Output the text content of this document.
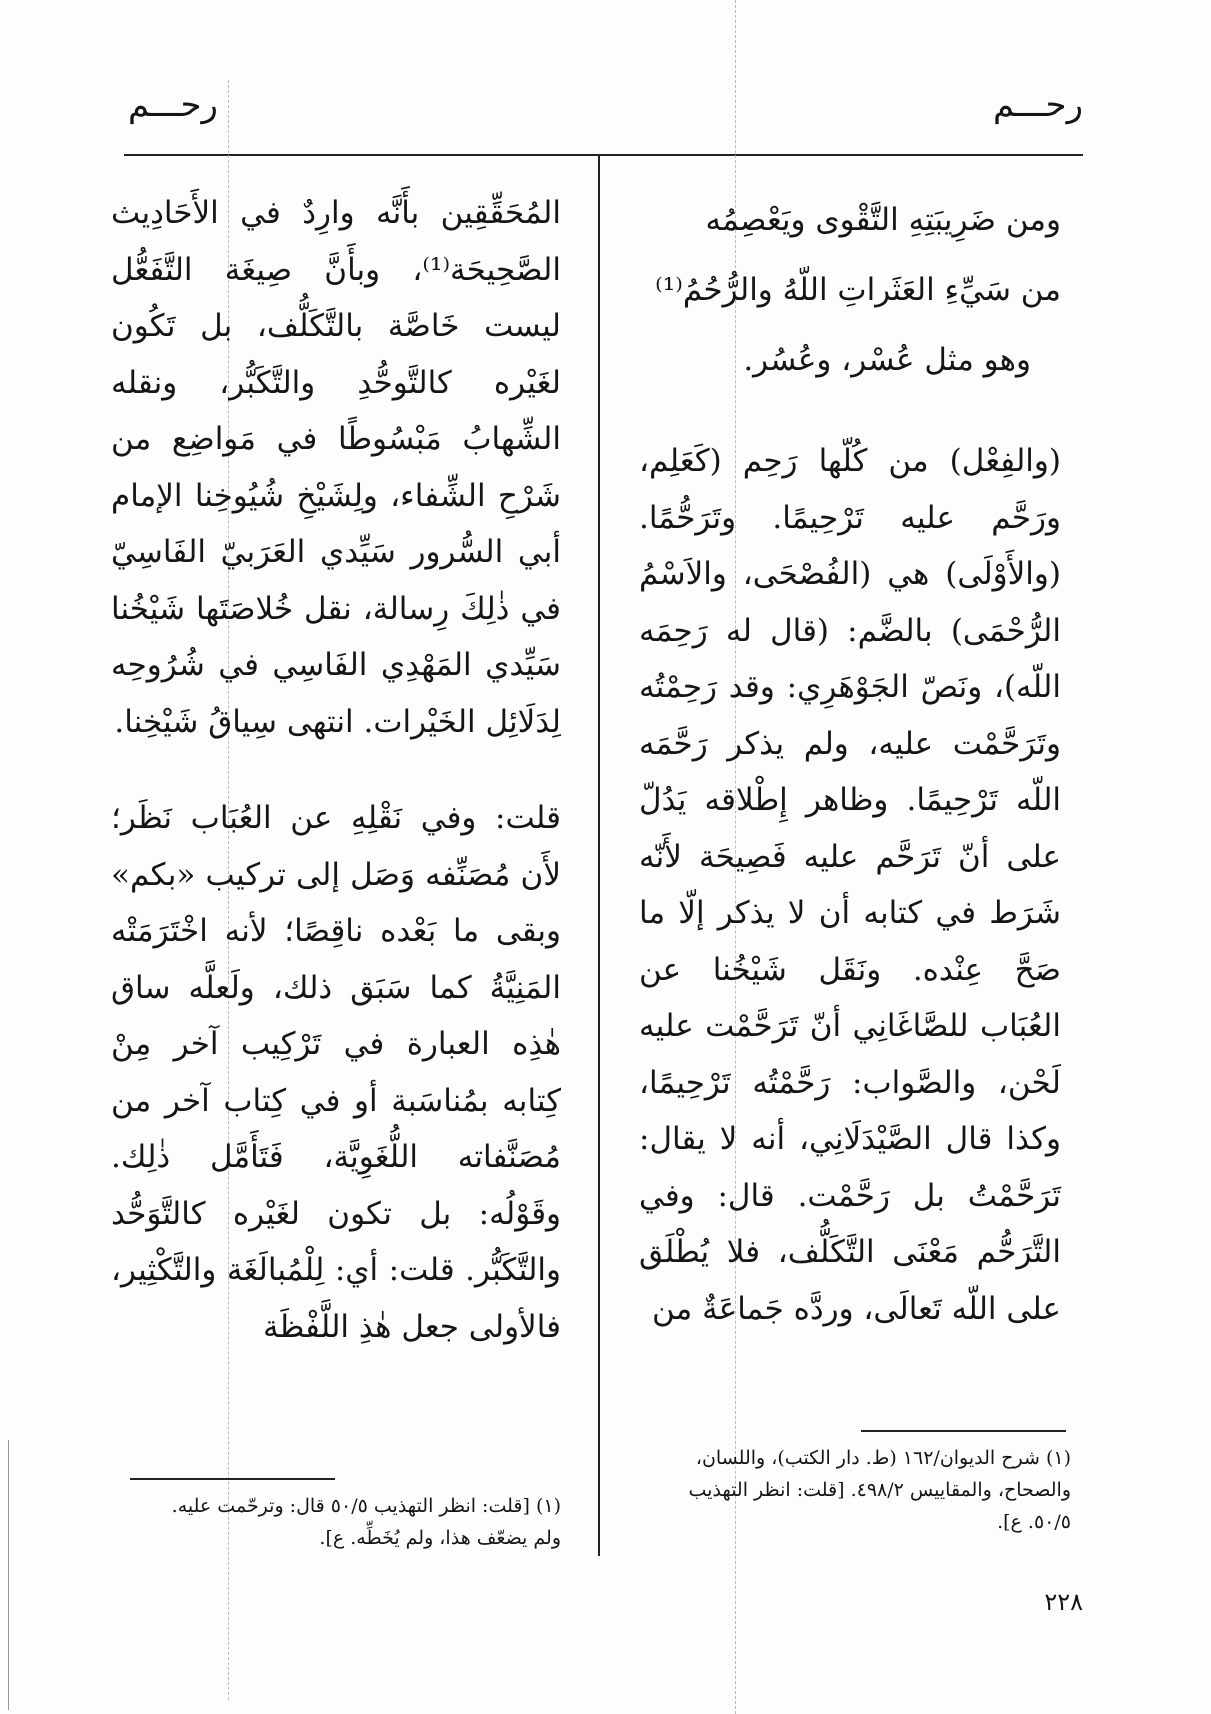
رحـــم
رحـــم

ومن ضَرِيبَتِهِ التَّقْوى ويَعْصِمُه

من سَيِّءِ العَثَراتِ اللّهُ والرُّحُمُ⁽¹⁾

وهو مثل عُسْر، وعُسُر.

(والفِعْل) من كُلّها رَحِم (كَعَلِم، ورَحَّم عليه تَرْحِيمًا. وتَرَحُّمًا. (والأَوْلَى) هي (الفُصْحَى، والاَسْمُ الرُّحْمَى) بالضَّم: (قال له رَحِمَه اللّه)، ونَصّ الجَوْهَرِي: وقد رَحِمْتُه وتَرَحَّمْت عليه، ولم يذكر رَحَّمَه اللّه تَرْحِيمًا. وظاهر إِطْلاقه يَدُلّ على أنّ تَرَحَّم عليه فَصِيحَة لأَنّه شَرَط في كتابه أن لا يذكر إلّا ما صَحَّ عِنْده. ونَقَل شَيْخُنا عن العُبَاب للصَّاغَانِي أنّ تَرَحَّمْت عليه لَحْن، والصَّواب: رَحَّمْتُه تَرْحِيمًا، وكذا قال الصَّيْدَلَانِي، أنه لا يقال: تَرَحَّمْتُ بل رَحَّمْت. قال: وفي التَّرَحُّم مَعْنَى التَّكَلُّف، فلا يُطْلَق على اللّه تَعالَى، وردَّه جَماعَةٌ من

المُحَقِّقِين بأَنَّه وارِدٌ في الأَحَادِيث الصَّحِيحَة⁽¹⁾، وبأَنَّ صِيغَة التَّفَعُّل ليست خَاصَّة بالتَّكَلُّف، بل تَكُون لغَيْره كالتَّوحُّدِ والتَّكَبُّر، ونقله الشِّهابُ مَبْسُوطًا في مَواضِع من شَرْحِ الشِّفاء، ولِشَيْخِ شُيُوخِنا الإمام أبي السُّرور سَيِّدي العَرَبيّ الفَاسِيّ في ذٰلِكَ رِسالة، نقل خُلاصَتَها شَيْخُنا سَيِّدي المَهْدِي الفَاسِي في شُرُوحِه لِدَلَائِل الخَيْرات. انتهى سِياقُ شَيْخِنا.

قلت: وفي نَقْلِهِ عن العُبَاب نَظَر؛ لأَن مُصَنِّفه وَصَل إلى تركيب «بكم» وبقى ما بَعْده ناقِصًا؛ لأنه اخْتَرَمَتْه المَنِيَّةُ كما سَبَق ذلك، ولَعلَّه ساق هٰذِه العبارة في تَرْكِيب آخر مِنْ كِتابه بمُناسَبة أو في كِتاب آخر من مُصَنَّفاته اللُّغَوِيَّة، فَتَأَمَّل ذٰلِك. وقَوْلُه: بل تكون لغَيْره كالتَّوَحُّد والتَّكَبُّر. قلت: أي: لِلْمُبالَغَة والتَّكْثِير، فالأولى جعل هٰذِ اللَّفْظَة

(١) شرح الديوان/١٦٢ (ط. دار الكتب)، واللسان، والصحاح، والمقاييس ٤٩٨/٢. [قلت: انظر التهذيب ٥٠/٥. ع].

(١) [قلت: انظر التهذيب ٥٠/٥ قال: وترحّمت عليه.

ولم يضعّف هذا، ولم يُخَطِّه. ع].

٢٢٨
